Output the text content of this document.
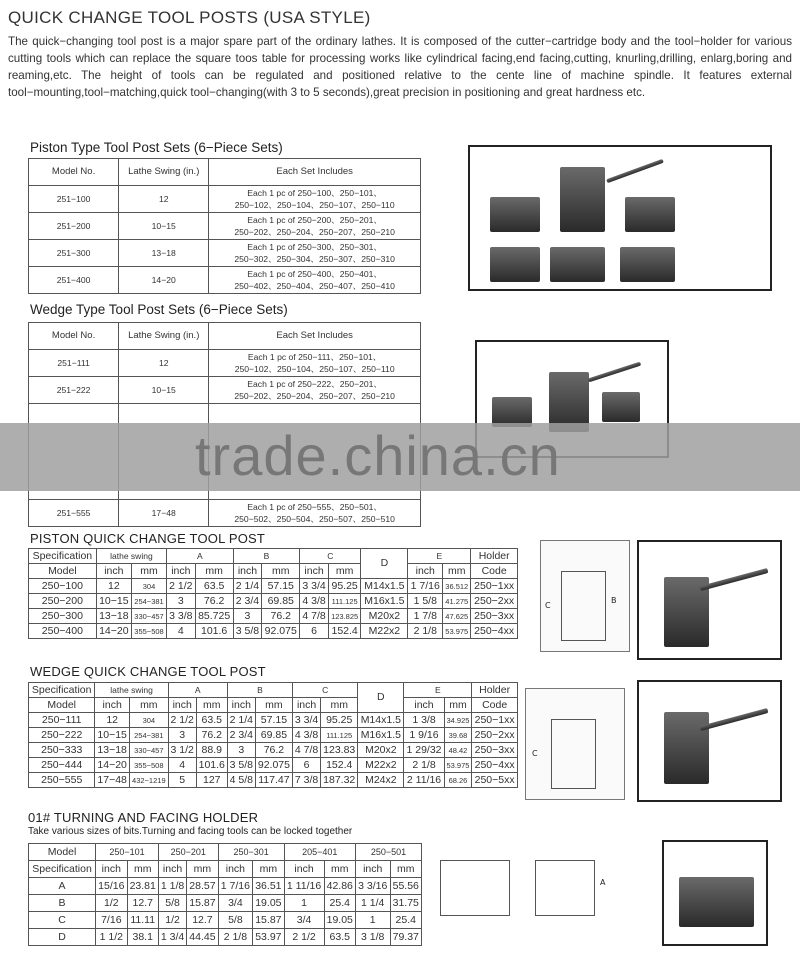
QUICK CHANGE TOOL POSTS (USA STYLE)
The quick−changing tool post is a major spare part of the ordinary lathes. It is composed of the cutter−cartridge body and the tool−holder for various cutting tools which can replace the square toos table for processing works like cylindrical facing,end facing,cutting, knurling,drilling, enlarg,boring and reaming,etc. The height of tools can be regulated and positioned relative to the cente line of machine spindle. It features external tool−mounting,tool−matching,quick tool−changing(with 3 to 5 seconds),great precision in positioning and great hardness etc.
Piston Type Tool Post Sets (6−Piece Sets)
Model No.	Lathe Swing (in.)	Each Set Includes
251−100	12	Each 1 pc of 250−100、250−101、
250−102、250−104、250−107、250−110
251−200	10−15	Each 1 pc of 250−200、250−201、
250−202、250−204、250−207、250−210
251−300	13−18	Each 1 pc of 250−300、250−301、
250−302、250−304、250−307、250−310
251−400	14−20	Each 1 pc of 250−400、250−401、
250−402、250−404、250−407、250−410
Wedge Type Tool Post Sets (6−Piece Sets)
Model No.	Lathe Swing (in.)	Each Set Includes
251−111	12	Each 1 pc of 250−111、250−101、
250−102、250−104、250−107、250−110
251−222	10−15	Each 1 pc of 250−222、250−201、
250−202、250−204、250−207、250−210

251−555	17−48	Each 1 pc of 250−555、250−501、
250−502、250−504、250−507、250−510
PISTON QUICK CHANGE TOOL POST
Specification	lathe swing		A		B		C		D	E		Holder
Model	inch	mm	inch	mm	inch	mm	inch	mm		inch	mm	Code
250−100	12	304	2 1/2	63.5	2 1/4	57.15	3 3/4	95.25	M14x1.5	1 7/16	36.512	250−1xx
250−200	10−15	254−381	3	76.2	2 3/4	69.85	4 3/8	111.125	M16x1.5	1 5/8	41.275	250−2xx
250−300	13−18	330−457	3 3/8	85.725	3	76.2	4 7/8	123.825	M20x2	1 7/8	47.625	250−3xx
250−400	14−20	355−508	4	101.6	3 5/8	92.075	6	152.4	M22x2	2 1/8	53.975	250−4xx
WEDGE QUICK CHANGE TOOL POST
Specification	lathe swing		A		B		C		D	E		Holder
Model	inch	mm	inch	mm	inch	mm	inch	mm		inch	mm	Code
250−111	12	304	2 1/2	63.5	2 1/4	57.15	3 3/4	95.25	M14x1.5	1 3/8	34.925	250−1xx
250−222	10−15	254−381	3	76.2	2 3/4	69.85	4 3/8	111.125	M16x1.5	1 9/16	39.68	250−2xx
250−333	13−18	330−457	3 1/2	88.9	3	76.2	4 7/8	123.83	M20x2	1 29/32	48.42	250−3xx
250−444	14−20	355−508	4	101.6	3 5/8	92.075	6	152.4	M22x2	2 1/8	53.975	250−4xx
250−555	17−48	432−1219	5	127	4 5/8	117.47	7 3/8	187.32	M24x2	2 11/16	68.26	250−5xx
01# TURNING AND FACING HOLDER
Take various sizes of bits.Turning and facing tools can be locked together
Model	250−101		250−201		250−301		205−401		250−501	
Specification	inch	mm	inch	mm	inch	mm	inch	mm	inch	mm
A	15/16	23.81	1 1/8	28.57	1 7/16	36.51	1 11/16	42.86	3 3/16	55.56
B	1/2	12.7	5/8	15.87	3/4	19.05	1	25.4	1 1/4	31.75
C	7/16	11.11	1/2	12.7	5/8	15.87	3/4	19.05	1	25.4
D	1 1/2	38.1	1 3/4	44.45	2 1/8	53.97	2 1/2	63.5	3 1/8	79.37
C
B
C
A
trade.china.cn
